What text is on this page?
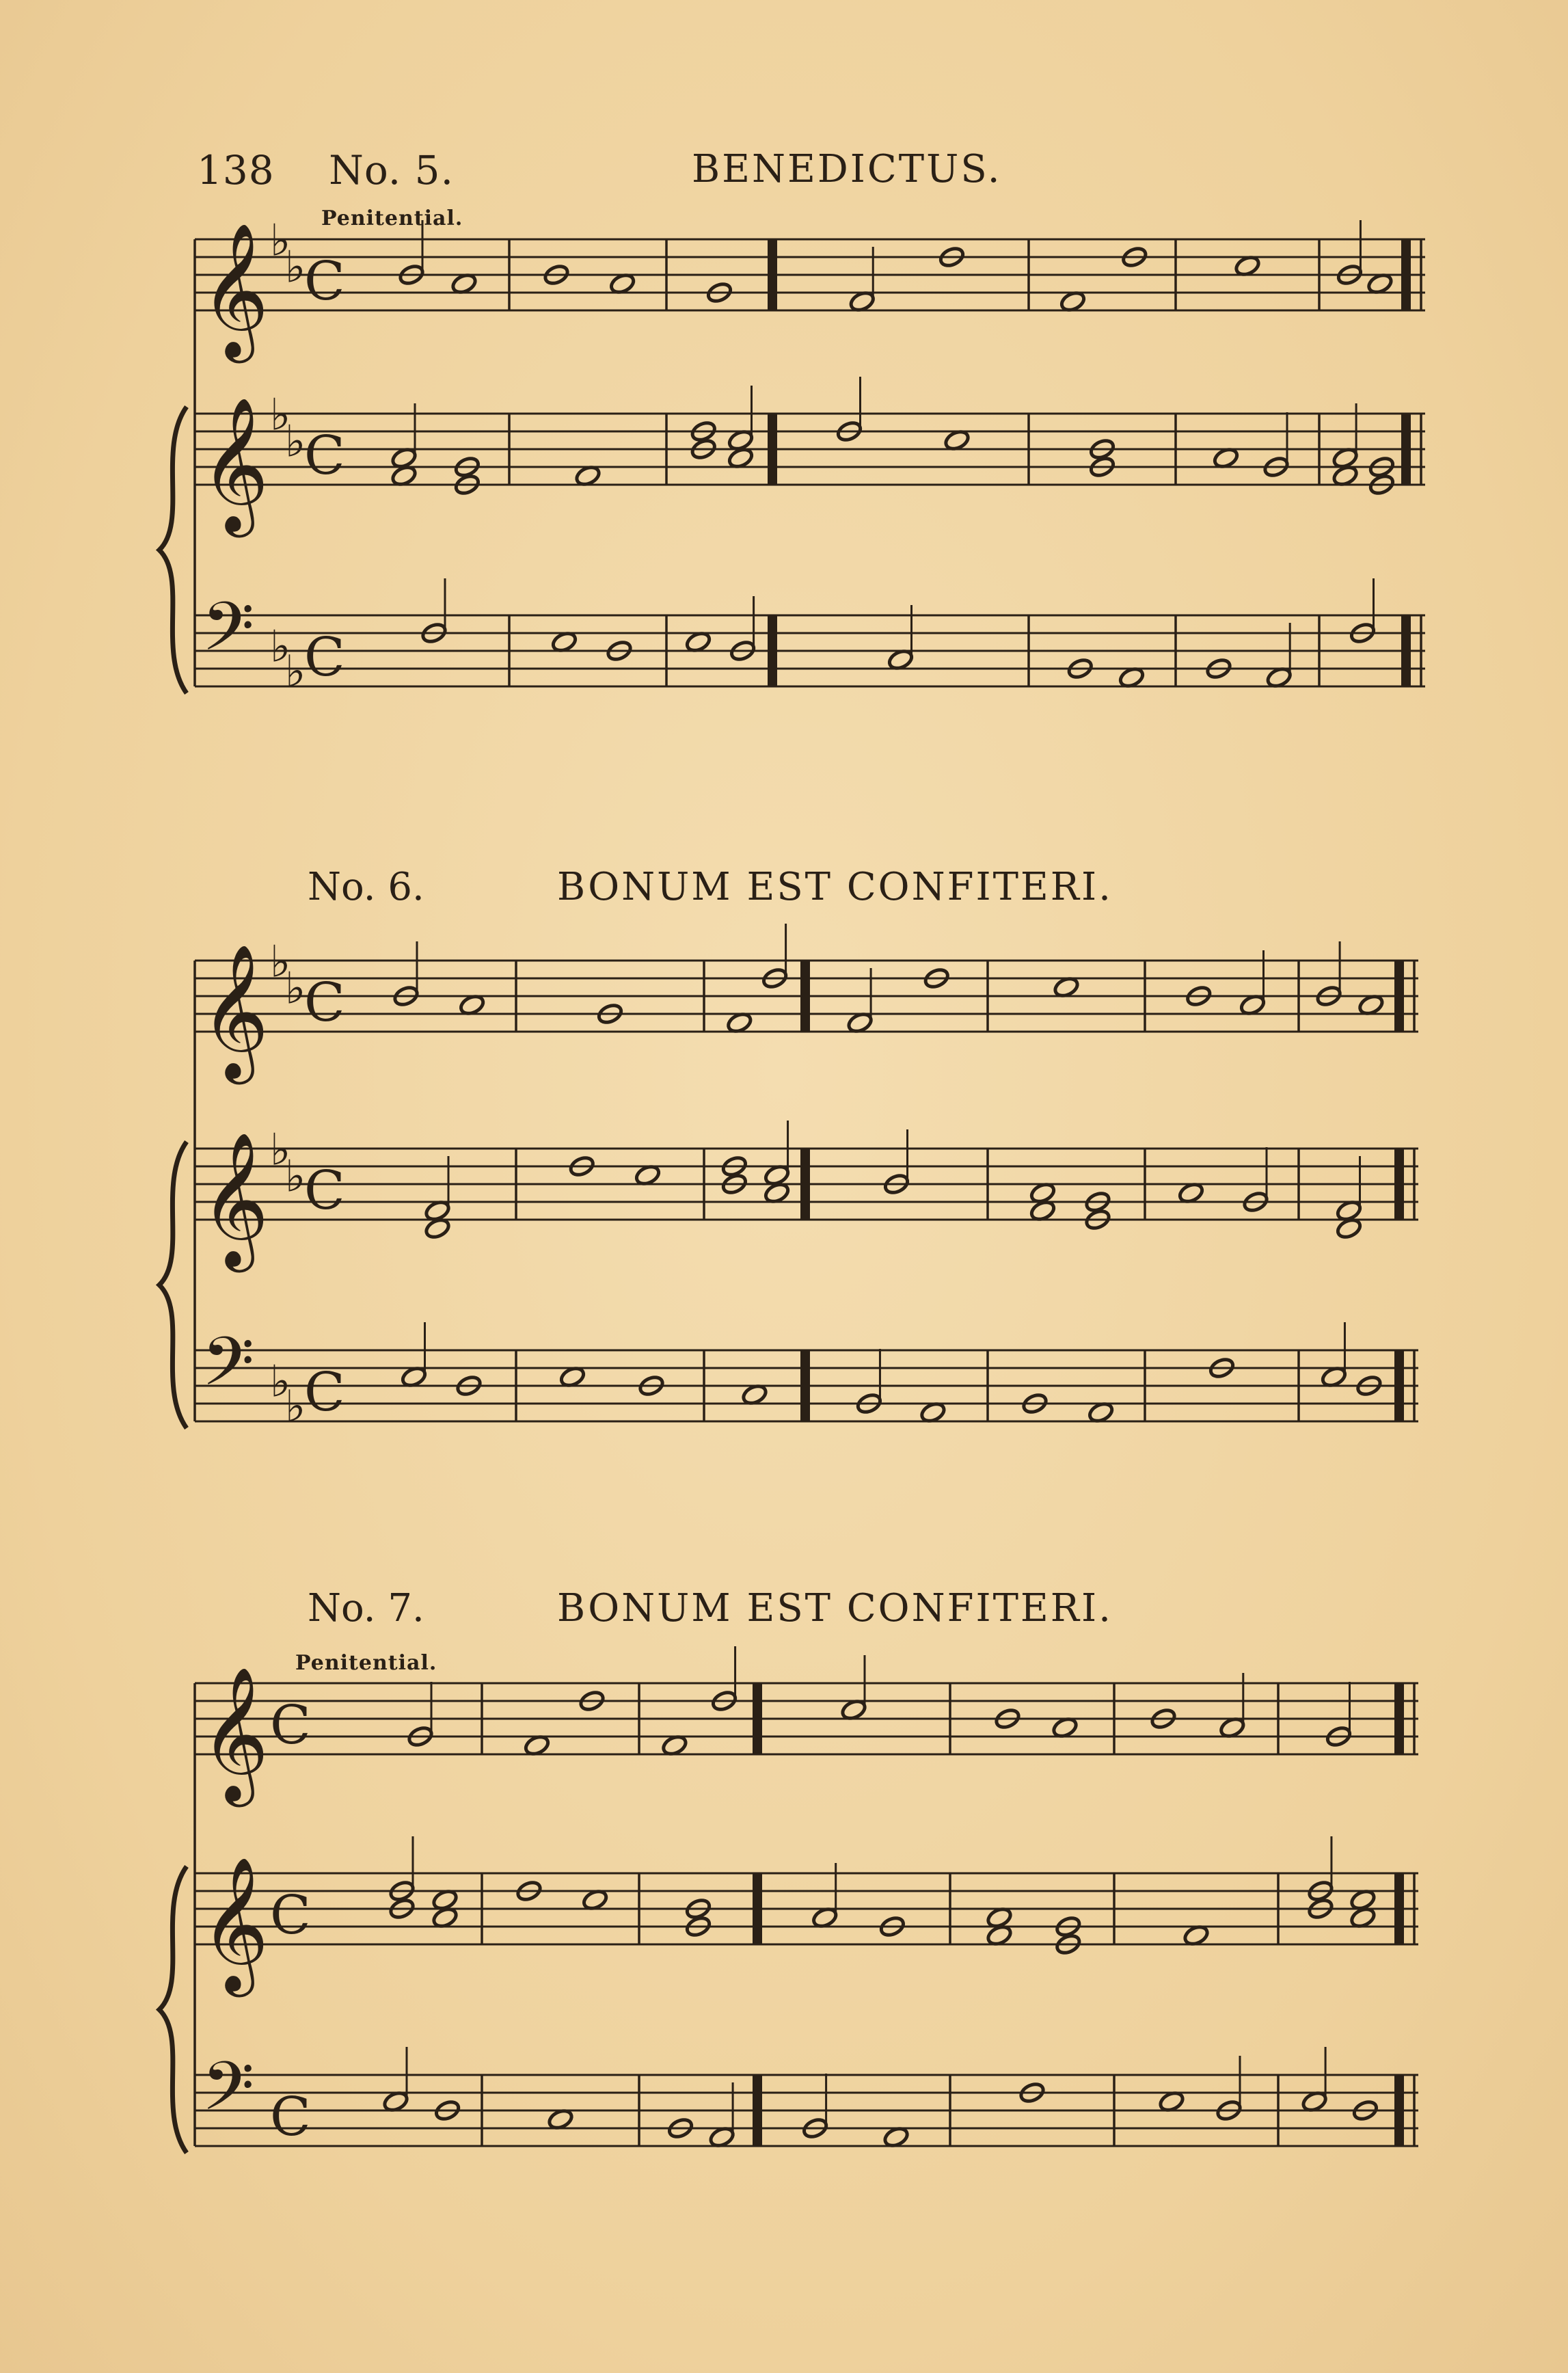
138 No. 5.	BENEDICTUS.
Penitential.
No. 6.	BONUM EST CONFITERI.
No. 7.	BONUM EST CONFITERI.
Penitential.
𝄞 ♭
♭
C
𝄞 ♭
♭
C
𝄢 ♭
♭
C
𝄞 ♭
♭
C
𝄞 ♭
♭
C
𝄢 ♭
♭
C
𝄞 C
𝄞 C
𝄢 C
